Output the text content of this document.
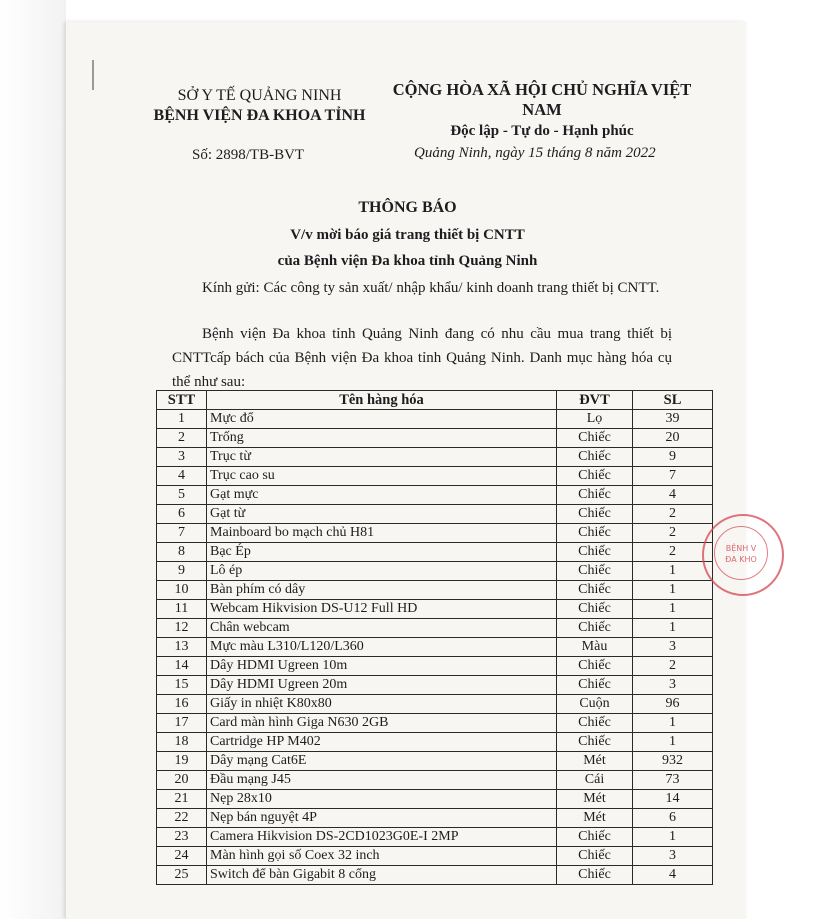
SỞ Y TẾ QUẢNG NINH
BỆNH VIỆN ĐA KHOA TỈNH
CỘNG HÒA XÃ HỘI CHỦ NGHĨA VIỆT NAM
Độc lập - Tự do - Hạnh phúc
Số: 2898/TB-BVT	Quảng Ninh, ngày 15 tháng 8 năm 2022
THÔNG BÁO
V/v mời báo giá trang thiết bị CNTT
của Bệnh viện Đa khoa tỉnh Quảng Ninh
Kính gửi: Các công ty sản xuất/ nhập khẩu/ kinh doanh trang thiết bị CNTT.
Bệnh viện Đa khoa tỉnh Quảng Ninh đang có nhu cầu mua trang thiết bị CNTTcấp bách của Bệnh viện Đa khoa tỉnh Quảng Ninh. Danh mục hàng hóa cụ thể như sau:
STT	Tên hàng hóa	ĐVT	SL
1	Mực đổ	Lọ	39
2	Trống	Chiếc	20
3	Trục từ	Chiếc	9
4	Trục cao su	Chiếc	7
5	Gạt mực	Chiếc	4
6	Gạt từ	Chiếc	2
7	Mainboard bo mạch chủ H81	Chiếc	2
8	Bạc Ép	Chiếc	2
9	Lô ép	Chiếc	1
10	Bàn phím có dây	Chiếc	1
11	Webcam Hikvision DS-U12 Full HD	Chiếc	1
12	Chân webcam	Chiếc	1
13	Mực màu L310/L120/L360	Màu	3
14	Dây HDMI Ugreen 10m	Chiếc	2
15	Dây HDMI Ugreen 20m	Chiếc	3
16	Giấy in nhiệt K80x80	Cuộn	96
17	Card màn hình Giga N630 2GB	Chiếc	1
18	Cartridge HP M402	Chiếc	1
19	Dây mạng Cat6E	Mét	932
20	Đầu mạng J45	Cái	73
21	Nẹp 28x10	Mét	14
22	Nẹp bán nguyệt 4P	Mét	6
23	Camera Hikvision DS-2CD1023G0E-I 2MP	Chiếc	1
24	Màn hình gọi số Coex 32 inch	Chiếc	3
25	Switch để bàn Gigabit 8 cổng	Chiếc	4
BỆNH V
ĐA KHO
